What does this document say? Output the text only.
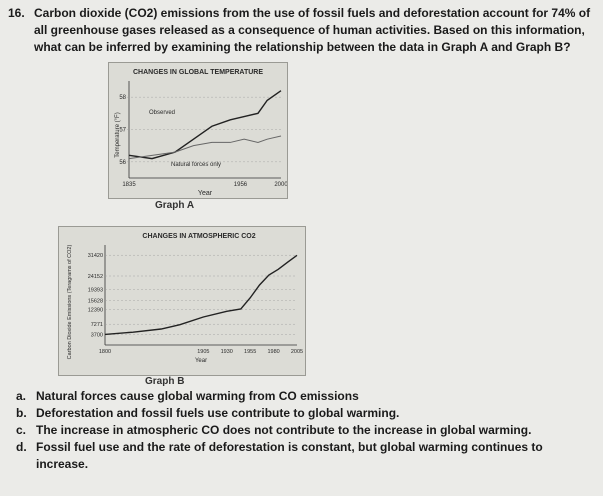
16. Carbon dioxide (CO2) emissions from the use of fossil fuels and deforestation account for 74% of all greenhouse gases released as a consequence of human activities. Based on this information, what can be inferred by examining the relationship between the data in Graph A and Graph B?
CHANGES IN GLOBAL TEMPERATURE
Temperature (°F)
Year
Observed
Natural forces only
58
57
56
1835	1956	2000
Graph A
CHANGES IN ATMOSPHERIC CO2
Carbon Dioxide Emissions (Teragrams of CO2)
Year
31420
24152
19393
15628
12390
7271
3700
1800	1905 1930 1955 1980 2005
Graph B
a. Natural forces cause global warming from CO emissions
b. Deforestation and fossil fuels use contribute to global warming.
c. The increase in atmospheric CO does not contribute to the increase in global warming.
d. Fossil fuel use and the rate of deforestation is constant, but global warming continues to increase.
